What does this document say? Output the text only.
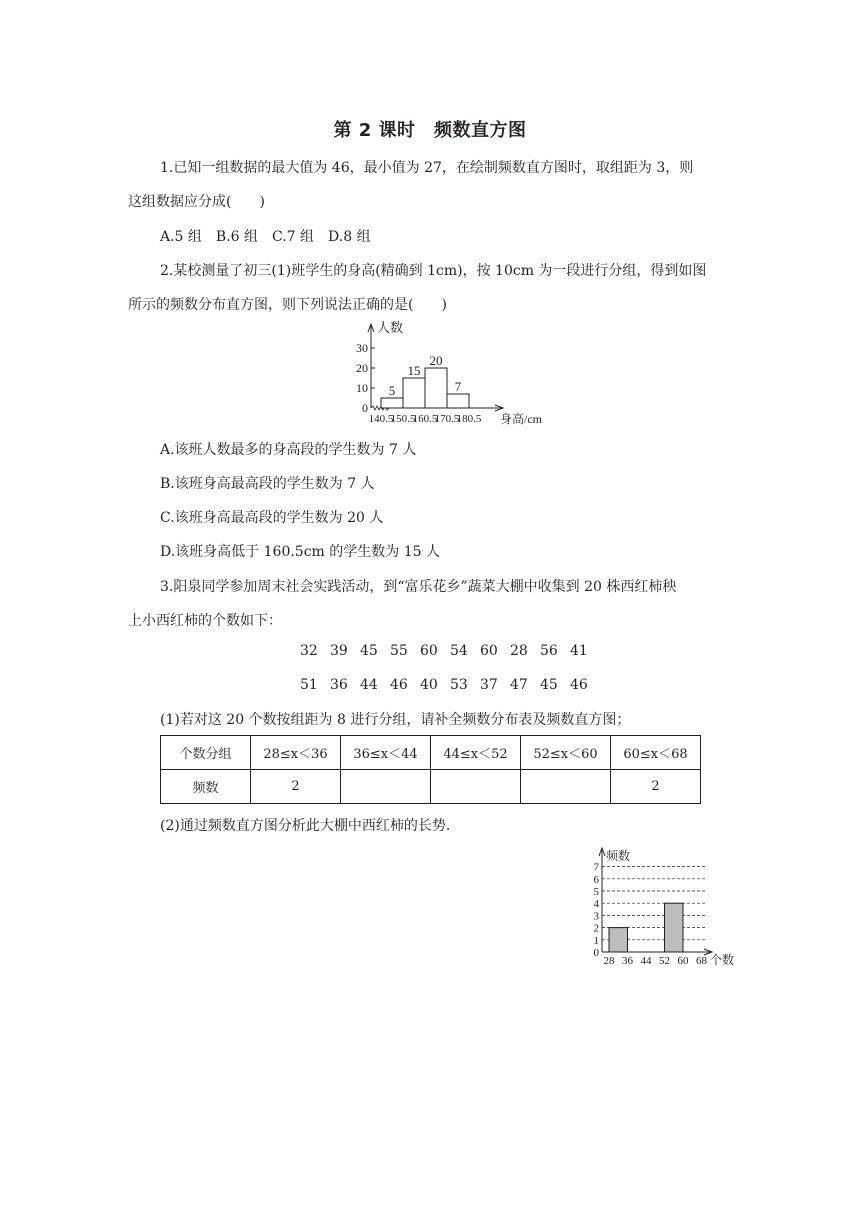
第 2 课时　频数直方图
1.已知一组数据的最大值为 46，最小值为 27，在绘制频数直方图时，取组距为 3，则
这组数据应分成(　　)
A.5 组　B.6 组　C.7 组　D.8 组
2.某校测量了初三(1)班学生的身高(精确到 1cm)，按 10cm 为一段进行分组，得到如图
所示的频数分布直方图，则下列说法正确的是(　　)
0
10
20
30
人数
5
15
20
7
140.5
150.5
160.5
170.5
180.5 身高/cm
A.该班人数最多的身高段的学生数为 7 人
B.该班身高最高段的学生数为 7 人
C.该班身高最高段的学生数为 20 人
D.该班身高低于 160.5cm 的学生数为 15 人
3.阳泉同学参加周末社会实践活动，到“富乐花乡”蔬菜大棚中收集到 20 株西红柿秧
上小西红柿的个数如下：
32 39 45 55 60 54 60 28 56 41
51 36 44 46 40 53 37 47 45 46
(1)若对这 20 个数按组距为 8 进行分组，请补全频数分布表及频数直方图；
个数分组	28≤x＜36	36≤x＜44	44≤x＜52	52≤x＜60	60≤x＜68
频数	2				2
(2)通过频数直方图分析此大棚中西红柿的长势.
0
1
2
3
4
5
6
7
频数
28 36 44 52 60 68 个数
